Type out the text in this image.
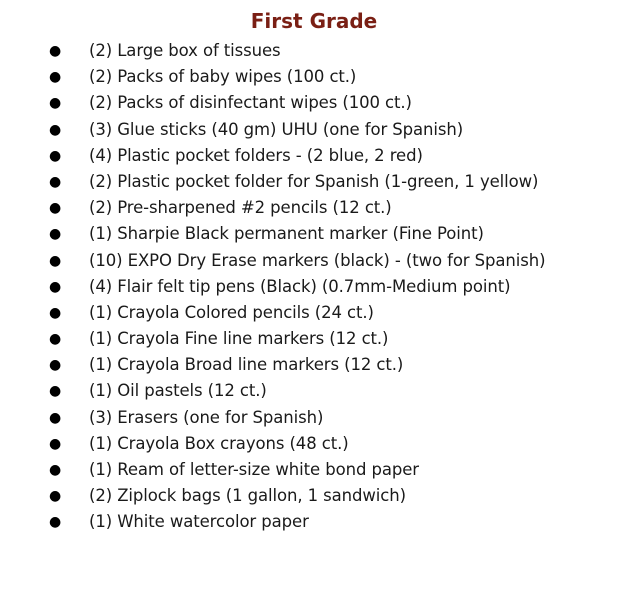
First Grade
● (2) Large box of tissues
● (2) Packs of baby wipes (100 ct.)
● (2) Packs of disinfectant wipes (100 ct.)
● (3) Glue sticks (40 gm) UHU (one for Spanish)
● (4) Plastic pocket folders - (2 blue, 2 red)
● (2) Plastic pocket folder for Spanish (1-green, 1 yellow)
● (2) Pre-sharpened #2 pencils (12 ct.)
● (1) Sharpie Black permanent marker (Fine Point)
● (10) EXPO Dry Erase markers (black) - (two for Spanish)
● (4) Flair felt tip pens (Black) (0.7mm-Medium point)
● (1) Crayola Colored pencils (24 ct.)
● (1) Crayola Fine line markers (12 ct.)
● (1) Crayola Broad line markers (12 ct.)
● (1) Oil pastels (12 ct.)
● (3) Erasers (one for Spanish)
● (1) Crayola Box crayons (48 ct.)
● (1) Ream of letter-size white bond paper
● (2) Ziplock bags (1 gallon, 1 sandwich)
● (1) White watercolor paper
